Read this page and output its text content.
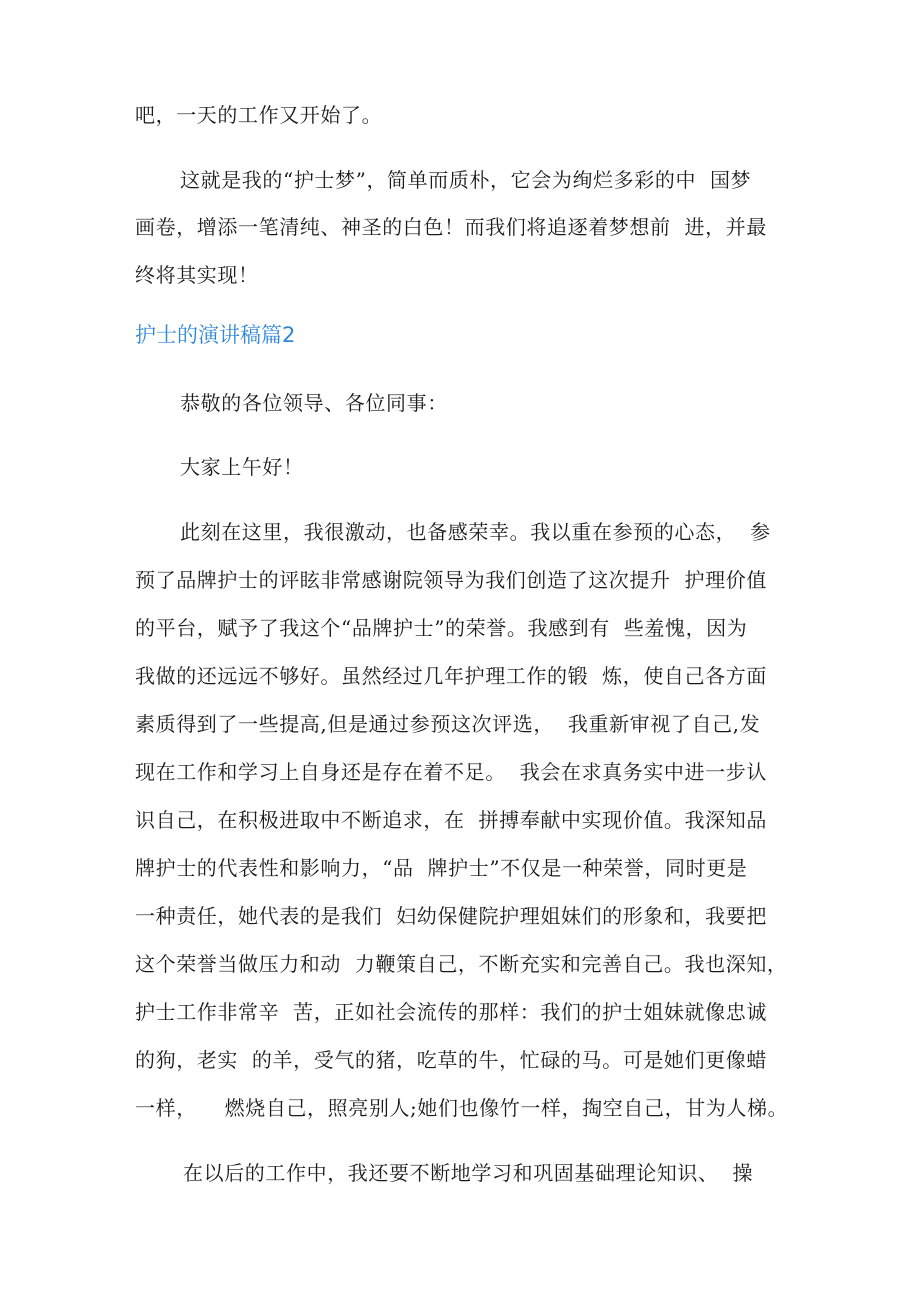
吧，一天的工作又开始了。
这就是我的“护士梦”，简单而质朴，它会为绚烂多彩的中  国梦
画卷，增添一笔清纯、神圣的白色！而我们将追逐着梦想前  进，并最
终将其实现！
护士的演讲稿篇2
恭敬的各位领导、各位同事：
大家上午好！
此刻在这里，我很激动，也备感荣幸。我以重在参预的心态，  参
预了品牌护士的评眩非常感谢院领导为我们创造了这次提升  护理价值
的平台，赋予了我这个“品牌护士”的荣誉。我感到有  些羞愧，因为
我做的还远远不够好。虽然经过几年护理工作的锻  炼，使自己各方面
素质得到了一些提高,但是通过参预这次评选，  我重新审视了自己,发
现在工作和学习上自身还是存在着不足。  我会在求真务实中进一步认
识自己，在积极进取中不断追求，在  拼搏奉献中实现价值。我深知品
牌护士的代表性和影响力，“品  牌护士”不仅是一种荣誉，同时更是
一种责任，她代表的是我们  妇幼保健院护理姐妹们的形象和，我要把
这个荣誉当做压力和动  力鞭策自己，不断充实和完善自己。我也深知，
护士工作非常辛  苦，正如社会流传的那样：我们的护士姐妹就像忠诚
的狗，老实  的羊，受气的猪，吃草的牛，忙碌的马。可是她们更像蜡
一样，    燃烧自己，照亮别人;她们也像竹一样，掏空自己，甘为人梯。
在以后的工作中，我还要不断地学习和巩固基础理论知识、  操
